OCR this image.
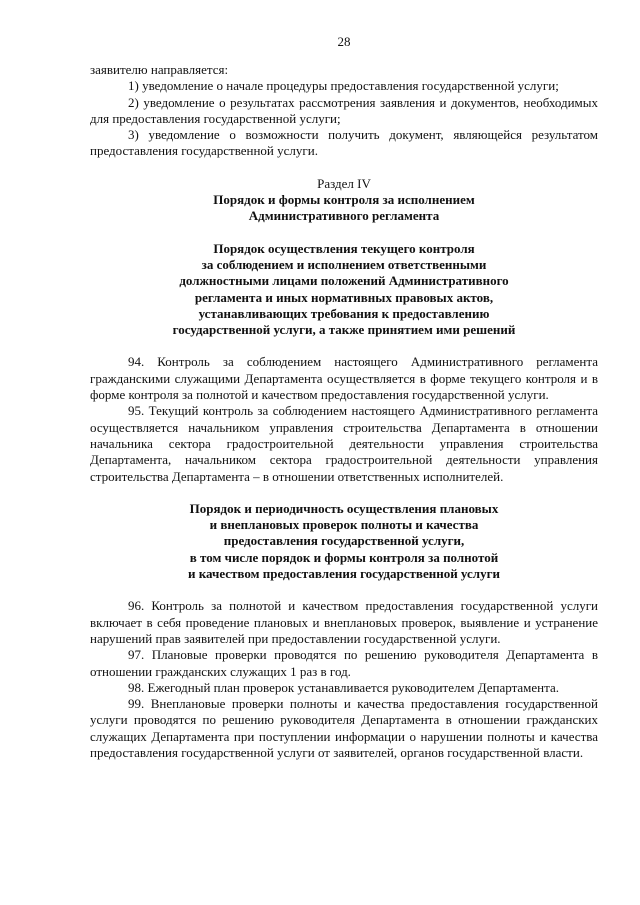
28

заявителю направляется:

1) уведомление о начале процедуры предоставления государственной услуги;

2) уведомление о результатах рассмотрения заявления и документов, необходимых для предоставления государственной услуги;

3) уведомление о возможности получить документ, являющейся результатом предоставления государственной услуги.

Раздел IV

Порядок и формы контроля за исполнением

Административного регламента

Порядок осуществления текущего контроля

за соблюдением и исполнением ответственными

должностными лицами положений Административного

регламента и иных нормативных правовых актов,

устанавливающих требования к предоставлению

государственной услуги, а также принятием ими решений

94. Контроль за соблюдением настоящего Административного регламента гражданскими служащими Департамента осуществляется в форме текущего контроля и в форме контроля за полнотой и качеством предоставления государственной услуги.

95. Текущий контроль за соблюдением настоящего Административного регламента осуществляется начальником управления строительства Департамента в отношении начальника сектора градостроительной деятельности управления строительства Департамента, начальником сектора градостроительной деятельности управления строительства Департамента – в отношении ответственных исполнителей.

Порядок и периодичность осуществления плановых

и внеплановых проверок полноты и качества

предоставления государственной услуги,

в том числе порядок и формы контроля за полнотой

и качеством предоставления государственной услуги

96. Контроль за полнотой и качеством предоставления государственной услуги включает в себя проведение плановых и внеплановых проверок, выявление и устранение нарушений прав заявителей при предоставлении государственной услуги.

97. Плановые проверки проводятся по решению руководителя Департамента в отношении гражданских служащих 1 раз в год.

98. Ежегодный план проверок устанавливается руководителем Департамента.

99. Внеплановые проверки полноты и качества предоставления государственной услуги проводятся по решению руководителя Департамента в отношении гражданских служащих Департамента при поступлении информации о нарушении полноты и качества предоставления государственной услуги от заявителей, органов государственной власти.
